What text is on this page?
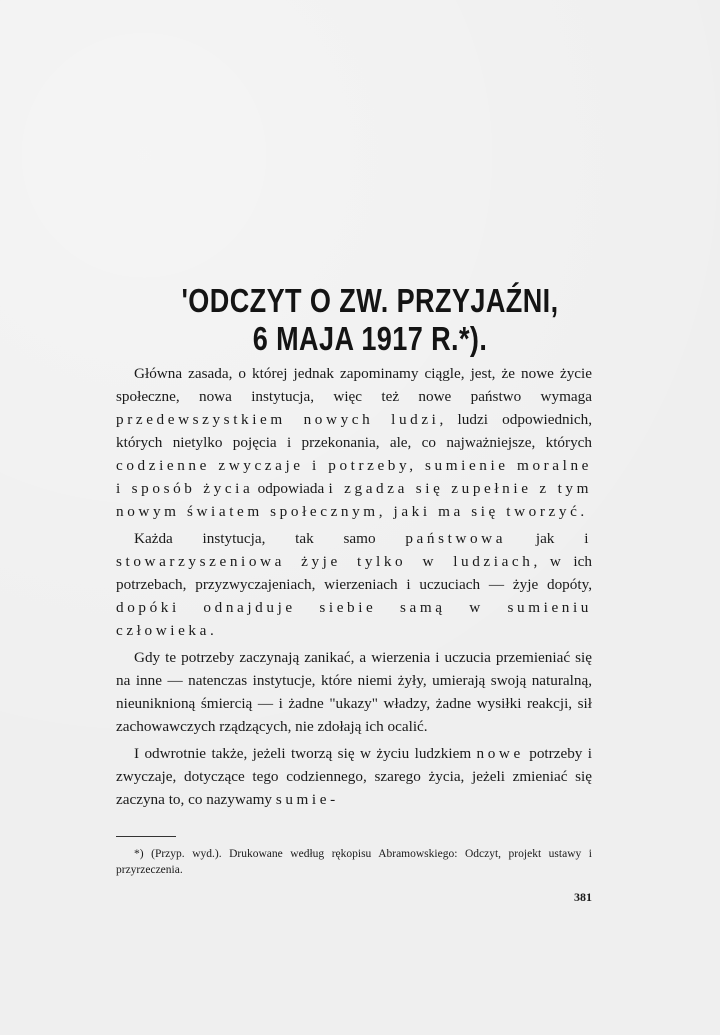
'ODCZYT O ZW. PRZYJAŹNI,
6 MAJA 1917 R.*).

Główna zasada, o której jednak zapominamy ciągle, jest, że nowe życie społeczne, nowa instytucja, więc też nowe państwo wymaga przedewszystkiem nowych ludzi, ludzi odpowiednich, których nietylko pojęcia i przekonania, ale, co najważniejsze, których codzienne zwyczaje i potrzeby, sumienie moralne i sposób życia odpowiada i zgadza się zupełnie z tym nowym światem społecznym, jaki ma się tworzyć.

Każda instytucja, tak samo państwowa jak i stowarzyszeniowa żyje tylko w ludziach, w ich potrzebach, przyzwyczajeniach, wierzeniach i uczuciach — żyje dopóty, dopóki odnajduje siebie samą w sumieniu człowieka.

Gdy te potrzeby zaczynają zanikać, a wierzenia i uczucia przemieniać się na inne — natenczas instytucje, które niemi żyły, umierają swoją naturalną, nieuniknioną śmiercią — i żadne "ukazy" władzy, żadne wysiłki reakcji, sił zachowawczych rządzących, nie zdołają ich ocalić.

I odwrotnie także, jeżeli tworzą się w życiu ludzkiem nowe potrzeby i zwyczaje, dotyczące tego codziennego, szarego życia, jeżeli zmieniać się zaczyna to, co nazywamy sumie-

*) (Przyp. wyd.). Drukowane według rękopisu Abramowskiego: Odczyt, projekt ustawy i przyrzeczenia.
381
